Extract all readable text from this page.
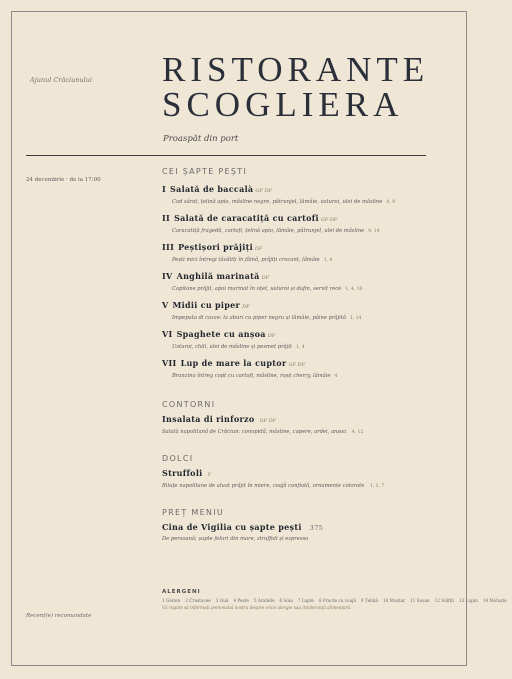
Ajunul Crăciunului RISTORANTE
SCOGLIERA
Proaspăt din port
24 decembrie · de la 17:00
Recent(e) recomandate
CEI ȘAPTE PEȘTI
I Salată de baccalà GF DF
Cod sărat, țelină apio, măsline negre, pătrunjel, lămâie, usturoi, ulei de măsline 4, 9
II Salată de caracatiță cu cartofi GF DF
Caracatiță fragedă, cartofi, țelină apio, lămâie, pătrunjel, ulei de măsline 9, 14
III Peștișori prăjiți DF
Pești mici întregi tăvăliți în făină, prăjiți crocant, lămâie 1, 4
IV Anghilă marinată DF
Capitone prăjit, apoi marinat în oțet, usturoi și dafin, servit rece 1, 4, 10
V Midii cu piper DF
Impepata di cozze: la aburi cu piper negru și lămâie, pâine prăjită 1, 14
VI Spaghete cu anșoa DF
Usturoi, chili, ulei de măsline și pesmet prăjit 1, 4
VII Lup de mare la cuptor GF DF
Branzino întreg copt cu cartofi, măsline, roșii cherry, lămâie 4
CONTORNI
Insalata di rinforzo GF DF
Salată napolitană de Crăciun: conopidă, măsline, capere, ardei, anșoa 4, 12
DOLCI
Struffoli V
Biluțe napolitane de aluat prăjit în miere, coajă confiată, ornamente colorate 1, 3, 7
PREȚ MENIU
Cina de Vigilia cu șapte pești 375
De persoană; șapte feluri din mare, struffoli și espresso
ALERGENI
1 Gluten 2 Crustacee 3 Ouă 4 Pește 5 Arahide 6 Soia 7 Lapte 8 Fructe cu coajă 9 Țelină 10 Muștar 11 Susan 12 Sulfiți 13 Lupin 14 Moluște
Vă rugăm să informați personalul nostru despre orice alergie sau intoleranță alimentară.
